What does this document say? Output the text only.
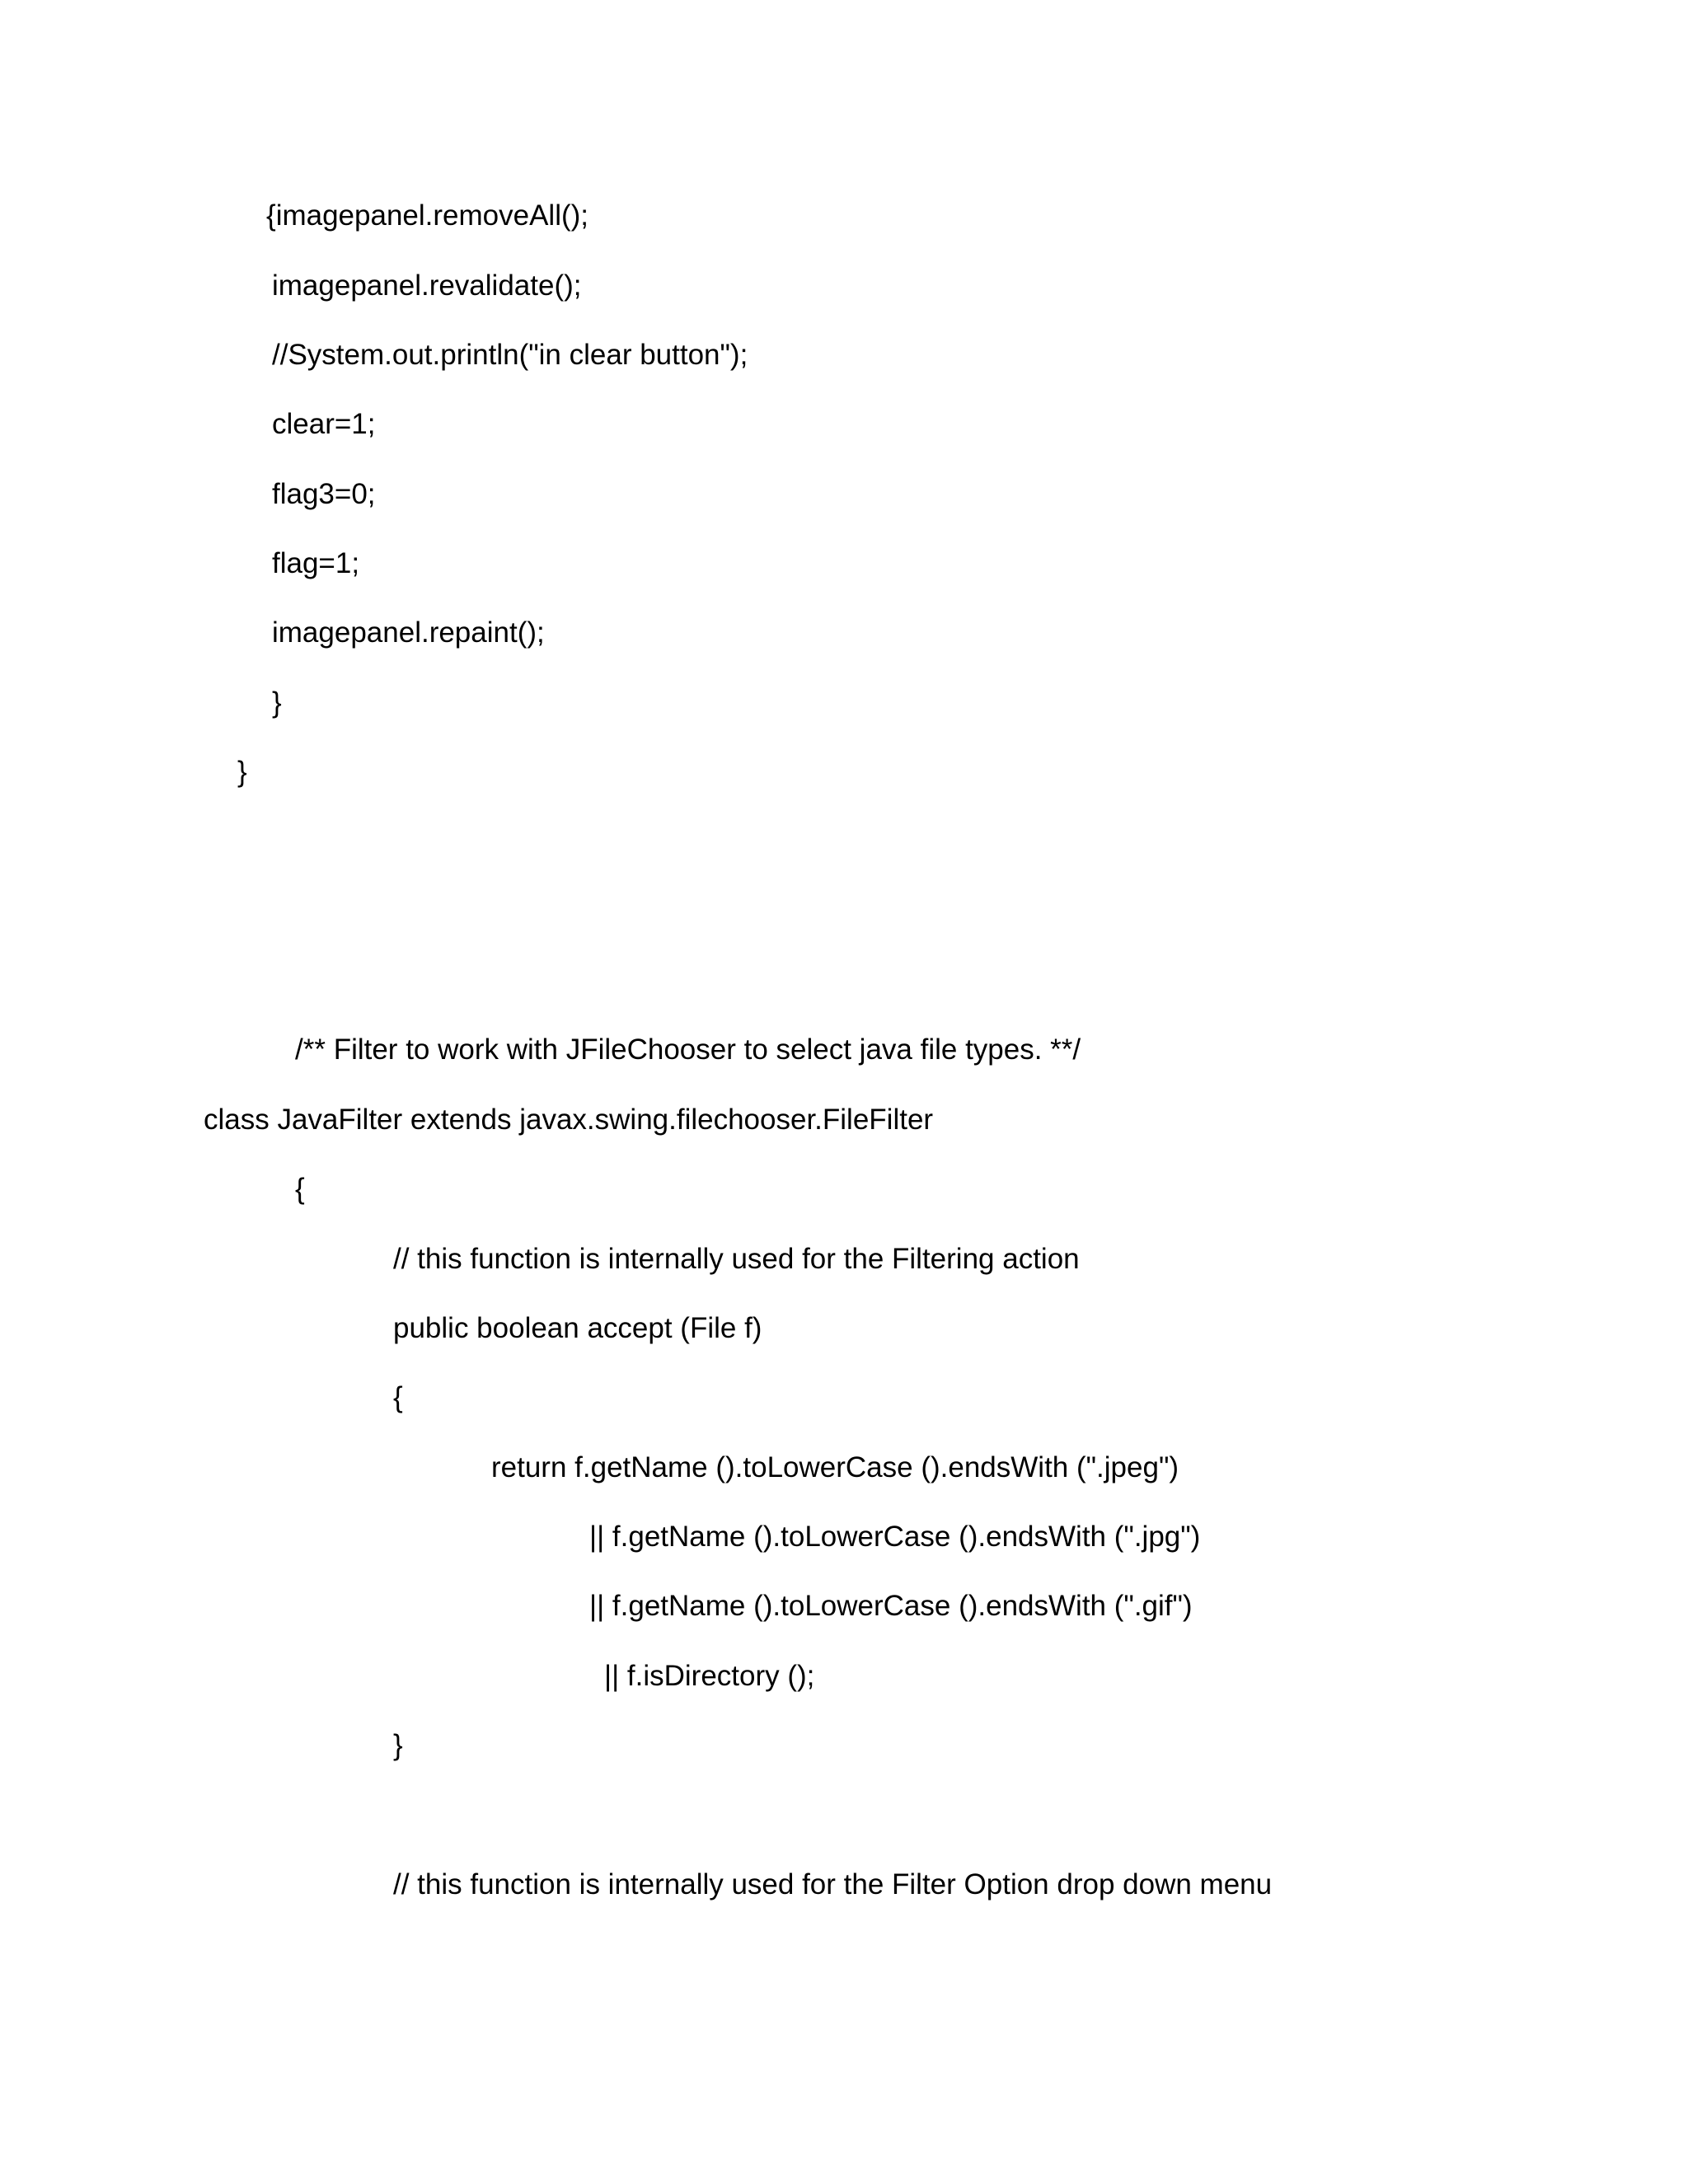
{imagepanel.removeAll();
imagepanel.revalidate();
//System.out.println("in clear button");
clear=1;
flag3=0;
flag=1;
imagepanel.repaint();
}
}
/** Filter to work with JFileChooser to select java file types. **/
class JavaFilter extends javax.swing.filechooser.FileFilter
{
// this function is internally used for the Filtering action
public boolean accept (File f)
{
return f.getName ().toLowerCase ().endsWith (".jpeg")
|| f.getName ().toLowerCase ().endsWith (".jpg")
|| f.getName ().toLowerCase ().endsWith (".gif")
|| f.isDirectory ();
}
// this function is internally used for the Filter Option drop down menu
